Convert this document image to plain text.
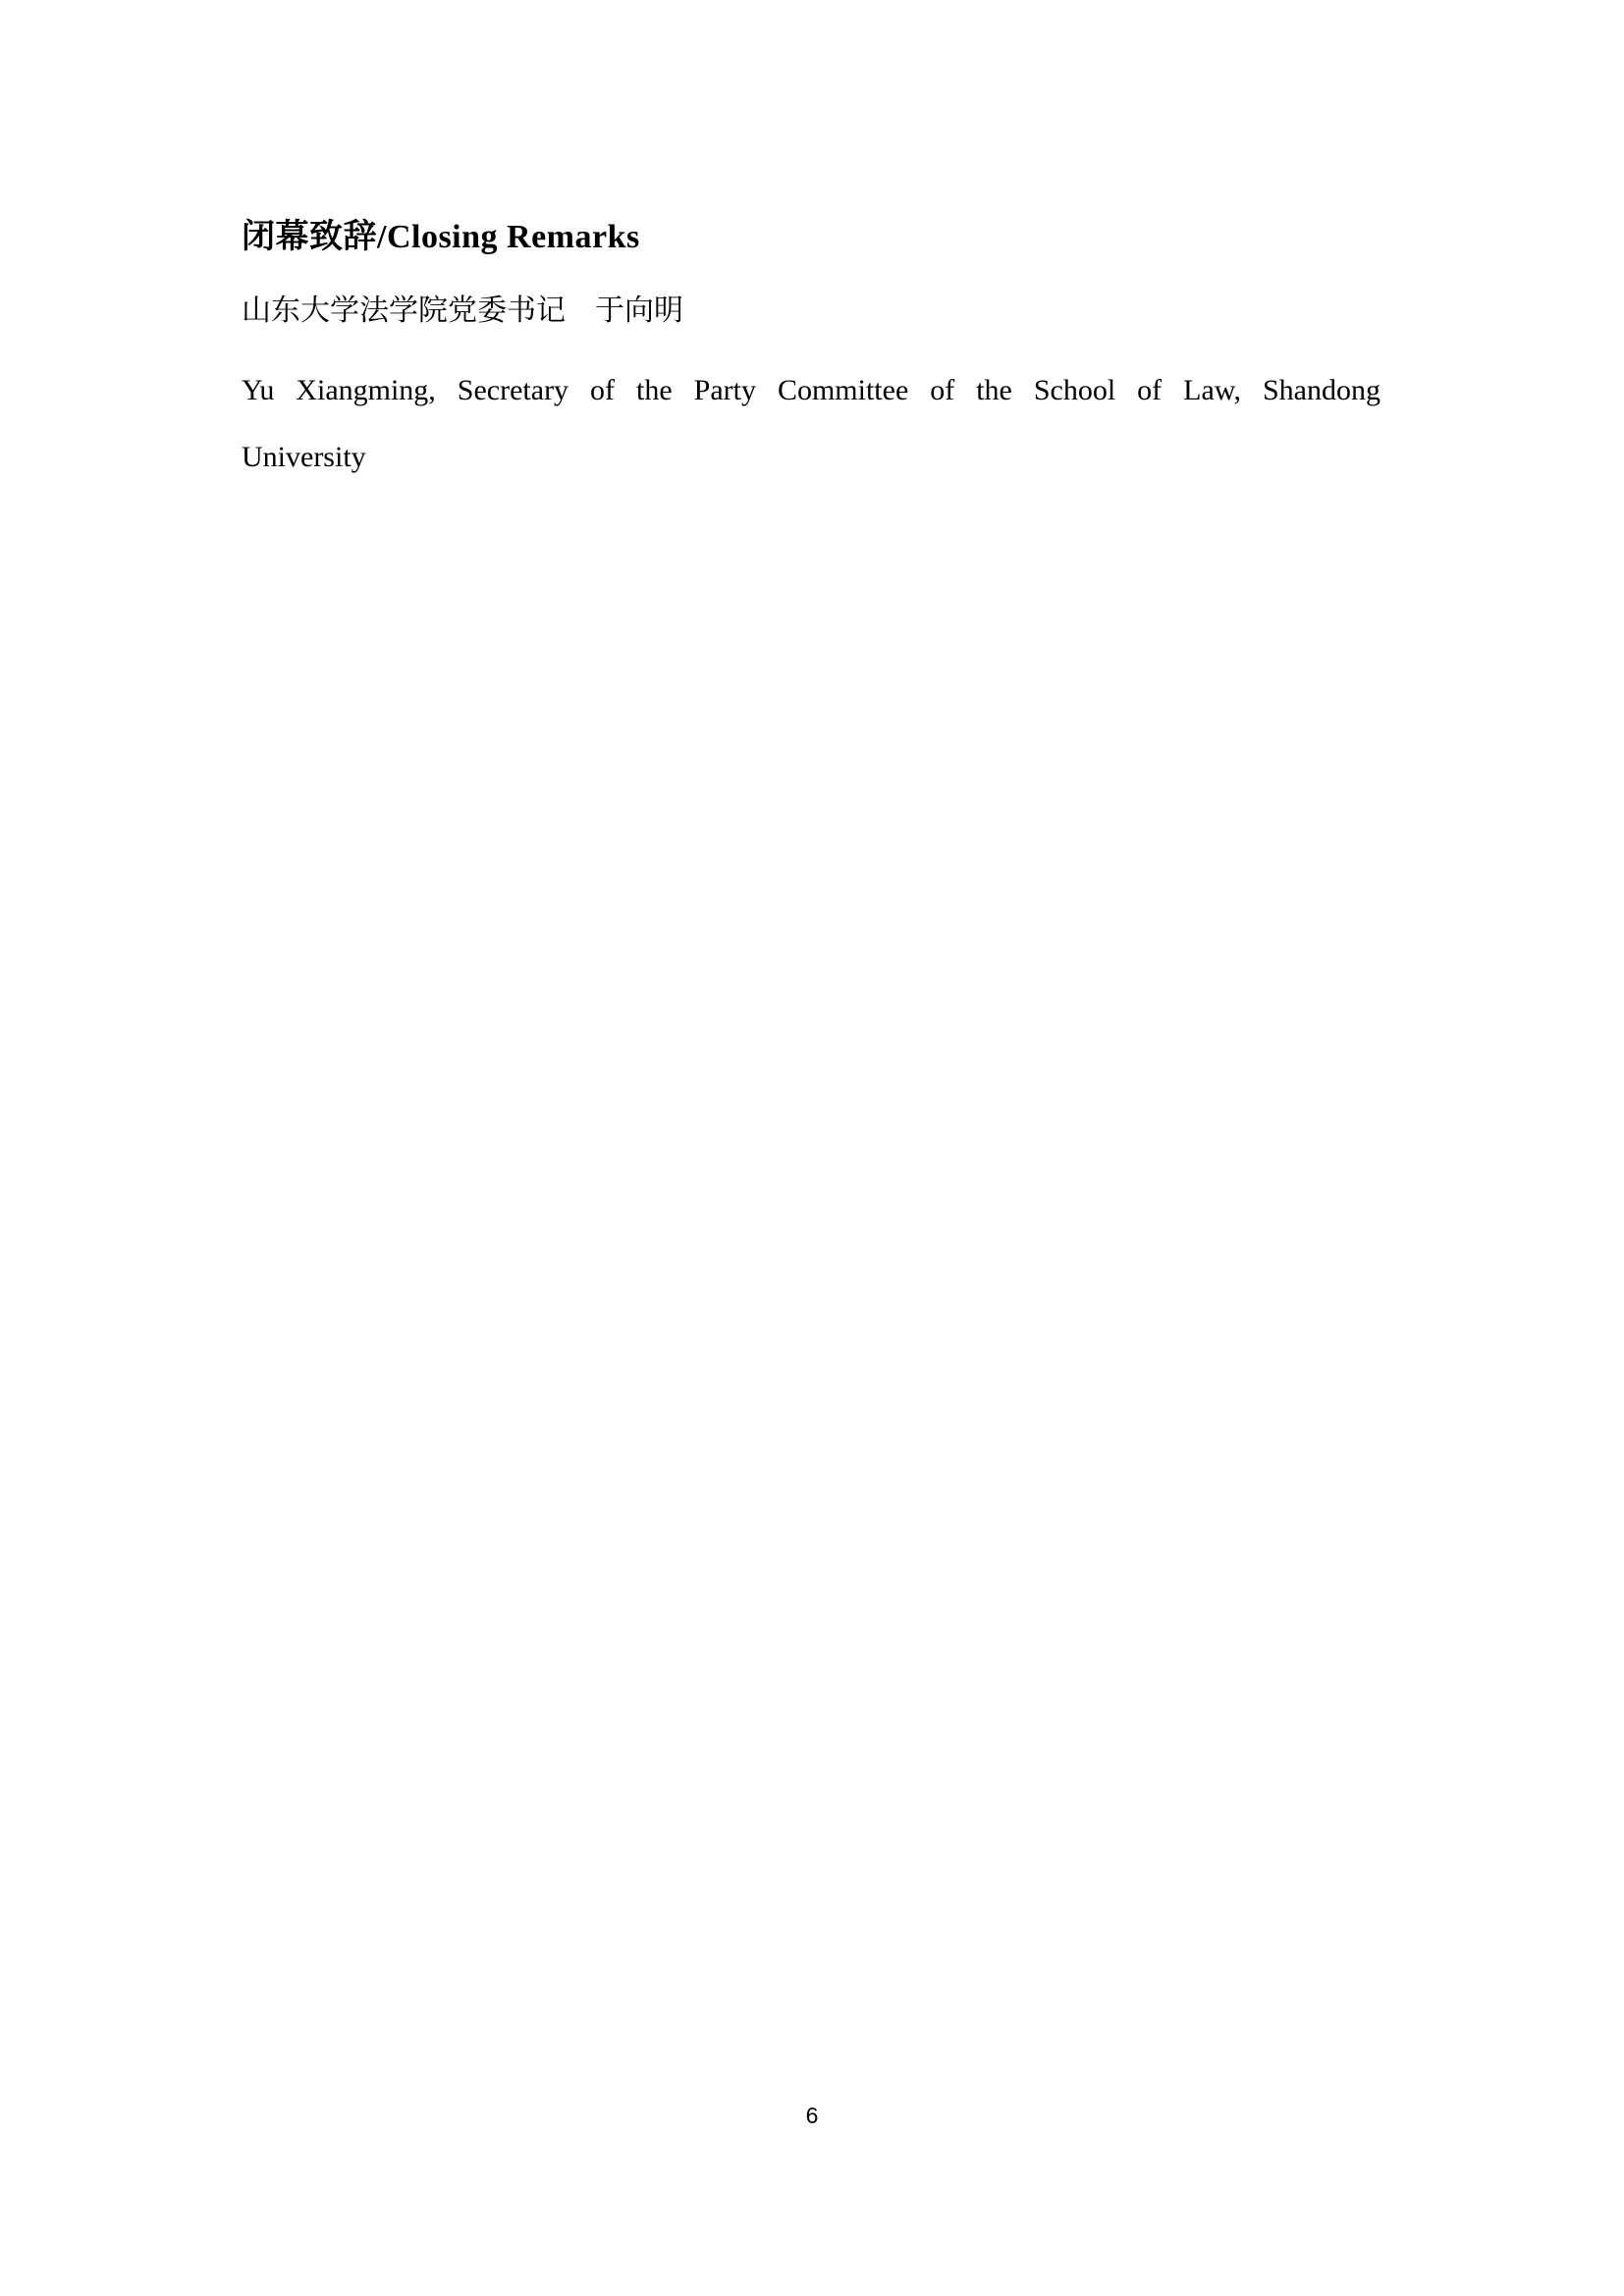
闭幕致辞/Closing Remarks
山东大学法学院党委书记　于向明
Yu Xiangming, Secretary of the Party Committee of the School of Law, Shandong
University
6
